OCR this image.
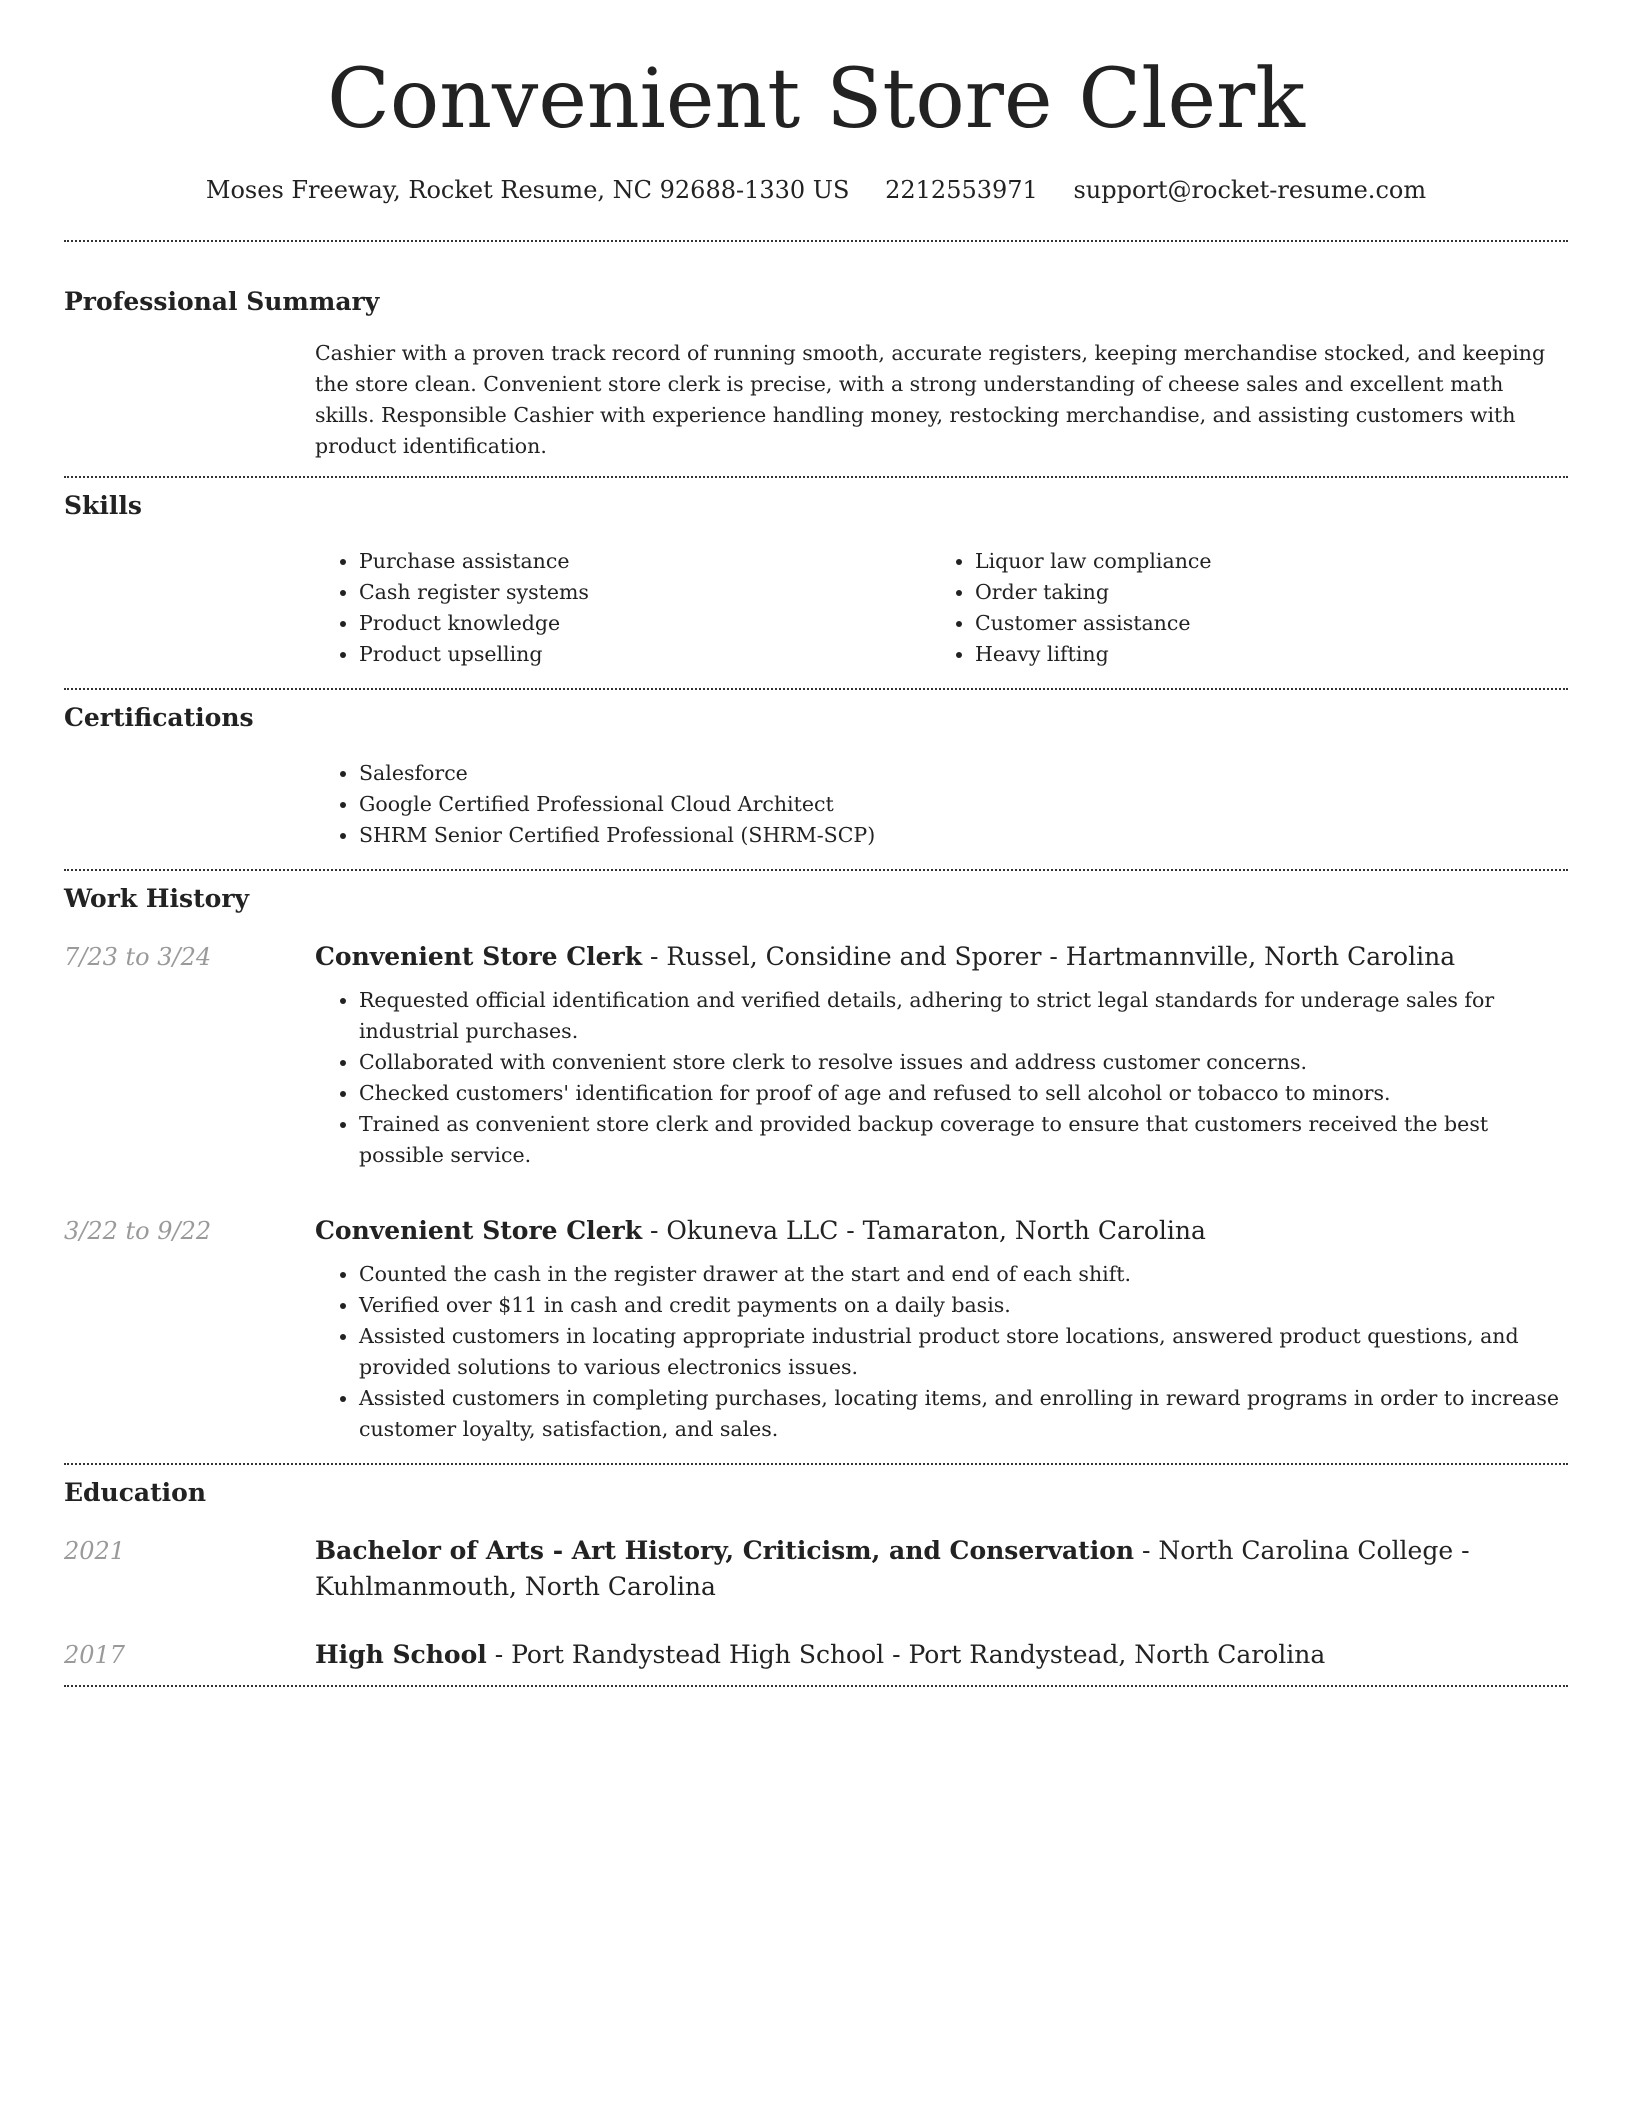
Convenient Store Clerk
Moses Freeway, Rocket Resume, NC 92688-1330 US 2212553971 support@rocket-resume.com
Professional Summary

Cashier with a proven track record of running smooth, accurate registers, keeping merchandise stocked, and keeping the store clean. Convenient store clerk is precise, with a strong understanding of cheese sales and excellent math skills. Responsible Cashier with experience handling money, restocking merchandise, and assisting customers with product identification.

Skills
• Purchase assistance
• Cash register systems
• Product knowledge
• Product upselling
• Liquor law compliance
• Order taking
• Customer assistance
• Heavy lifting
Certifications
• Salesforce
• Google Certified Professional Cloud Architect
• SHRM Senior Certified Professional (SHRM-SCP)
Work History
7/23 to 3/24	Convenient Store Clerk - Russel, Considine and Sporer - Hartmannville, North Carolina
• Requested official identification and verified details, adhering to strict legal standards for underage sales for industrial purchases.
• Collaborated with convenient store clerk to resolve issues and address customer concerns.
• Checked customers' identification for proof of age and refused to sell alcohol or tobacco to minors.
• Trained as convenient store clerk and provided backup coverage to ensure that customers received the best possible service.
3/22 to 9/22	Convenient Store Clerk - Okuneva LLC - Tamaraton, North Carolina
• Counted the cash in the register drawer at the start and end of each shift.
• Verified over $11 in cash and credit payments on a daily basis.
• Assisted customers in locating appropriate industrial product store locations, answered product questions, and provided solutions to various electronics issues.
• Assisted customers in completing purchases, locating items, and enrolling in reward programs in order to increase customer loyalty, satisfaction, and sales.
Education
2021	Bachelor of Arts - Art History, Criticism, and Conservation - North Carolina College - Kuhlmanmouth, North Carolina
2017	High School - Port Randystead High School - Port Randystead, North Carolina
